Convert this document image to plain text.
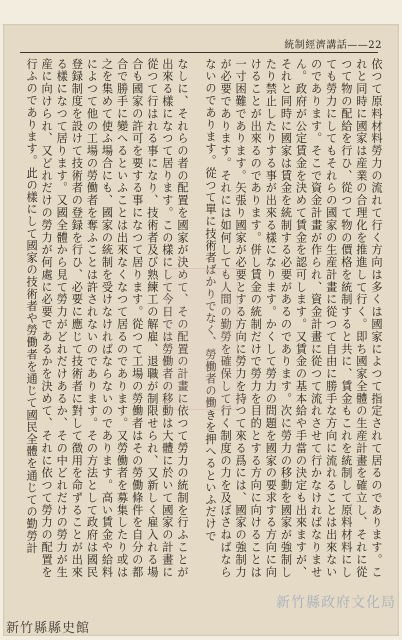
統制經濟講話——22
依つて原料材料勞力の流れて行く方向は多くは國家によつて指定されて居るのであります。これと同時に國家は産業の合理化を推進して行く。即ち國家全體の生産計畫を確立し、それに從つて物の配給を行ひ、從つて物の價格を統制すると共に、賃金もこれを統制して原料材料にしても勞力にしてもそれらの國家の生産計畫に從つて自由に勝手な方向に流れることは出來ないのであります。そこで資金計畫が作られ、資金計畫に從つて流れさせて行かなければなりません。政府が公定賃金を決めて賃金を認可します。又賃金の基本給や手當の決定も出來ますが、それと同時に國家は賃金を統制する必要があるのであります。次に勞力の移動を國家が強制したり禁止したりする事が出來る樣になります。かくして勞力の問題を國家の要求する方向に向けることが出來るのであります。併し賃金の統制だけで勞力を目的とする方向に向けることは一寸困難であります。矢張り國家が必要とする方向に勞力を持つて來る爲には、國家の強制力が必要であります。それには如何しても人間の勤勞を確保して行く制度の力を及ぼさねばならないのであります。從つて單に技術者ばかりでなく、勞働者の働きを押へるといふだけで
なしに、それらの者の配置を國家が決めて、その配置の計畫に依つて勞力の統制を行ふことが出來る樣になつて居ります。この樣にして今日では勞働者の移動は大體に於いて國家の計畫に從つて行はれる事になり、技術者及び熟練工の解雇、退職が制限せられ、又新しく雇入れる場合も國家の許可を要する事になつて居ります。從つて工場の勞働者はその勞働條件を自分の都合で勝手に變へるといふことは出來なくなつて居るのであります。又勞働者を募集したり或は之を集めて使ふ場合にも、國家の統制を受けなければならないのであります。高い賃金や給料によつて他の工場の勞働者を奪ふことは許されないのであります。その方法として政府は國民登録制度を設けて技術者の登録を行ひ、必要に應じて技術者に對して徴用を命ずることが出來る樣になつて居ります。又國全體から見て勞力がどれだけあるか、その中どれだけの勞力が生産に向けられ、又どれだけの勞力が何處に必要であるかを決めて、それに依つて勞力の配置を行ふのであります。此の樣にして國家の技術者や勞働者を通じて國民全體を通じての勤勞計
新竹縣政府文化局
新竹縣縣史館
